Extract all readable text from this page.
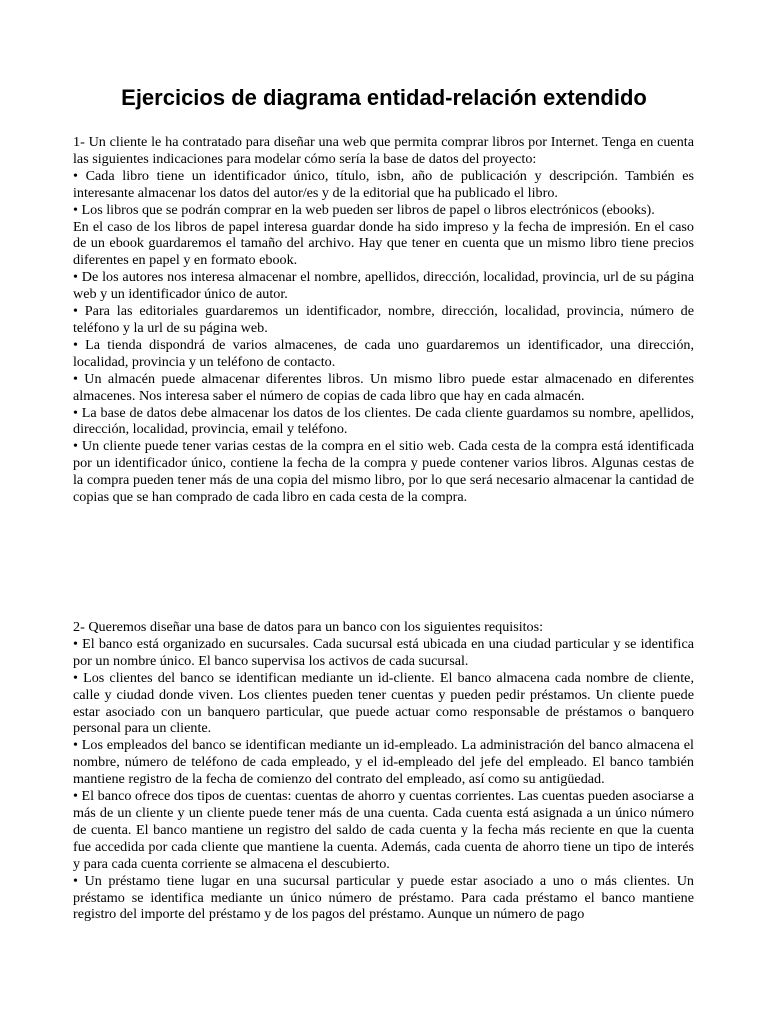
Ejercicios de diagrama entidad-relación extendido

1- Un cliente le ha contratado para diseñar una web que permita comprar libros por Internet. Tenga en cuenta las siguientes indicaciones para modelar cómo sería la base de datos del proyecto:

• Cada libro tiene un identificador único, título, isbn, año de publicación y descripción. También es interesante almacenar los datos del autor/es y de la editorial que ha publicado el libro.

• Los libros que se podrán comprar en la web pueden ser libros de papel o libros electrónicos (ebooks).

En el caso de los libros de papel interesa guardar donde ha sido impreso y la fecha de impresión. En el caso de un ebook guardaremos el tamaño del archivo. Hay que tener en cuenta que un mismo libro tiene precios diferentes en papel y en formato ebook.

• De los autores nos interesa almacenar el nombre, apellidos, dirección, localidad, provincia, url de su página web y un identificador único de autor.

• Para las editoriales guardaremos un identificador, nombre, dirección, localidad, provincia, número de teléfono y la url de su página web.

• La tienda dispondrá de varios almacenes, de cada uno guardaremos un identificador, una dirección, localidad, provincia y un teléfono de contacto.

• Un almacén puede almacenar diferentes libros. Un mismo libro puede estar almacenado en diferentes almacenes. Nos interesa saber el número de copias de cada libro que hay en cada almacén.

• La base de datos debe almacenar los datos de los clientes. De cada cliente guardamos su nombre, apellidos, dirección, localidad, provincia, email y teléfono.

• Un cliente puede tener varias cestas de la compra en el sitio web. Cada cesta de la compra está identificada por un identificador único, contiene la fecha de la compra y puede contener varios libros. Algunas cestas de la compra pueden tener más de una copia del mismo libro, por lo que será necesario almacenar la cantidad de copias que se han comprado de cada libro en cada cesta de la compra.

2- Queremos diseñar una base de datos para un banco con los siguientes requisitos:

• El banco está organizado en sucursales. Cada sucursal está ubicada en una ciudad particular y se identifica por un nombre único. El banco supervisa los activos de cada sucursal.

• Los clientes del banco se identifican mediante un id-cliente. El banco almacena cada nombre de cliente, calle y ciudad donde viven. Los clientes pueden tener cuentas y pueden pedir préstamos. Un cliente puede estar asociado con un banquero particular, que puede actuar como responsable de préstamos o banquero personal para un cliente.

• Los empleados del banco se identifican mediante un id-empleado. La administración del banco almacena el nombre, número de teléfono de cada empleado, y el id-empleado del jefe del empleado. El banco también mantiene registro de la fecha de comienzo del contrato del empleado, así como su antigüedad.

• El banco ofrece dos tipos de cuentas: cuentas de ahorro y cuentas corrientes. Las cuentas pueden asociarse a más de un cliente y un cliente puede tener más de una cuenta. Cada cuenta está asignada a un único número de cuenta. El banco mantiene un registro del saldo de cada cuenta y la fecha más reciente en que la cuenta fue accedida por cada cliente que mantiene la cuenta. Además, cada cuenta de ahorro tiene un tipo de interés y para cada cuenta corriente se almacena el descubierto.

• Un préstamo tiene lugar en una sucursal particular y puede estar asociado a uno o más clientes. Un préstamo se identifica mediante un único número de préstamo. Para cada préstamo el banco mantiene registro del importe del préstamo y de los pagos del préstamo. Aunque un número de pago
